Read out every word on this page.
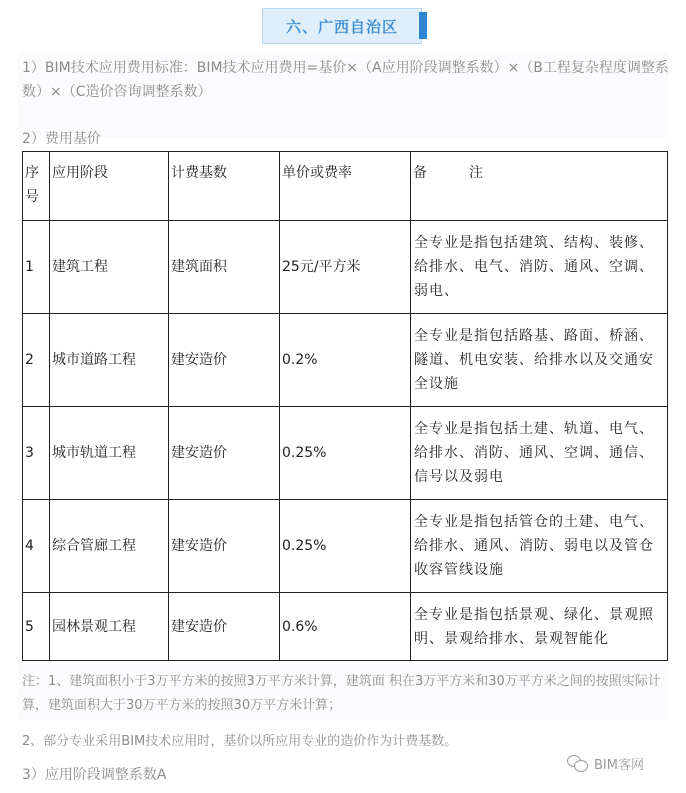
六、广西自治区

1）BIM技术应用费用标准：BIM技术应用费用=基价×（A应用阶段调整系数）×（B工程复杂程度调整系数）×（C造价咨询调整系数）

2）费用基价

序号	应用阶段	计费基数	单价或费率	备　　　注
1	建筑工程	建筑面积	25元/平方米	全专业是指包括建筑、结构、装修、给排水、电气、消防、通风、空调、弱电、
2	城市道路工程	建安造价	0.2%	全专业是指包括路基、路面、桥涵、隧道、机电安装、给排水以及交通安全设施
3	城市轨道工程	建安造价	0.25%	全专业是指包括土建、轨道、电气、给排水、消防、通风、空调、通信、信号以及弱电
4	综合管廊工程	建安造价	0.25%	全专业是指包括管仓的土建、电气、给排水、通风、消防、弱电以及管仓收容管线设施
5	园林景观工程	建安造价	0.6%	全专业是指包括景观、绿化、景观照明、景观给排水、景观智能化

注：1、建筑面积小于3万平方米的按照3万平方米计算，建筑面 积在3万平方米和30万平方米之间的按照实际计算，建筑面积大于30万平方米的按照30万平方米计算；

2、部分专业采用BIM技术应用时，基价以所应用专业的造价作为计费基数。

3）应用阶段调整系数A

BIM客网
